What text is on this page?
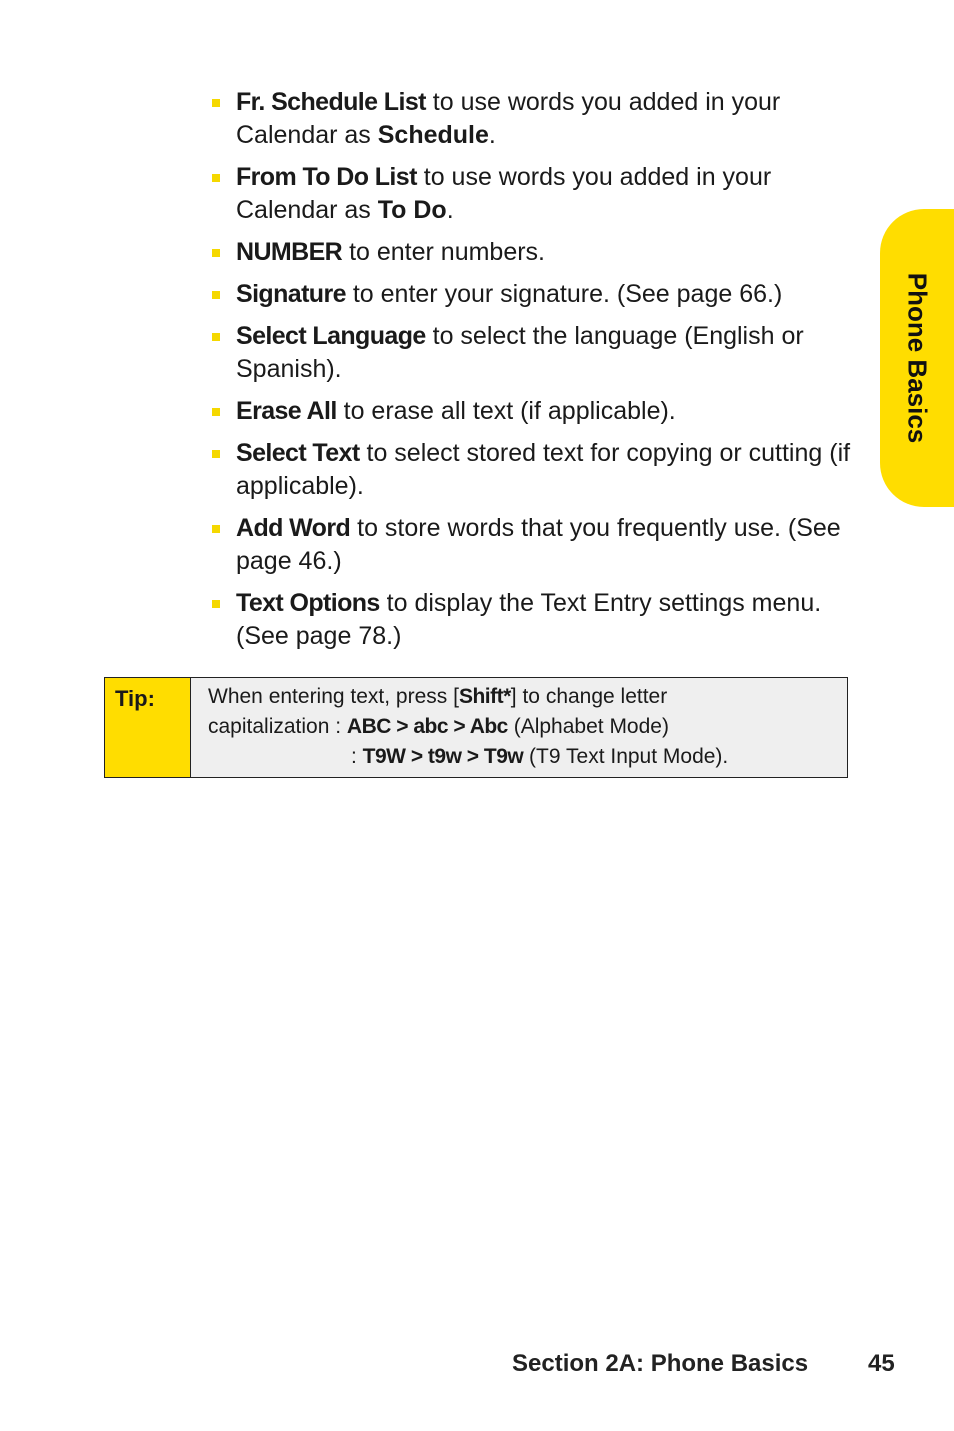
Fr. Schedule List to use words you added in your Calendar as Schedule.
From To Do List to use words you added in your Calendar as To Do.
NUMBER to enter numbers.
Signature to enter your signature. (See page 66.)
Select Language to select the language (English or Spanish).
Erase All to erase all text (if applicable).
Select Text to select stored text for copying or cutting (if applicable).
Add Word to store words that you frequently use. (See page 46.)
Text Options to display the Text Entry settings menu. (See page 78.)
Tip:	When entering text, press [Shift*] to change letter
capitalization : ABC > abc > Abc (Alphabet Mode)
: T9W > t9w > T9w (T9 Text Input Mode).
Phone Basics
Section 2A: Phone Basics 45
